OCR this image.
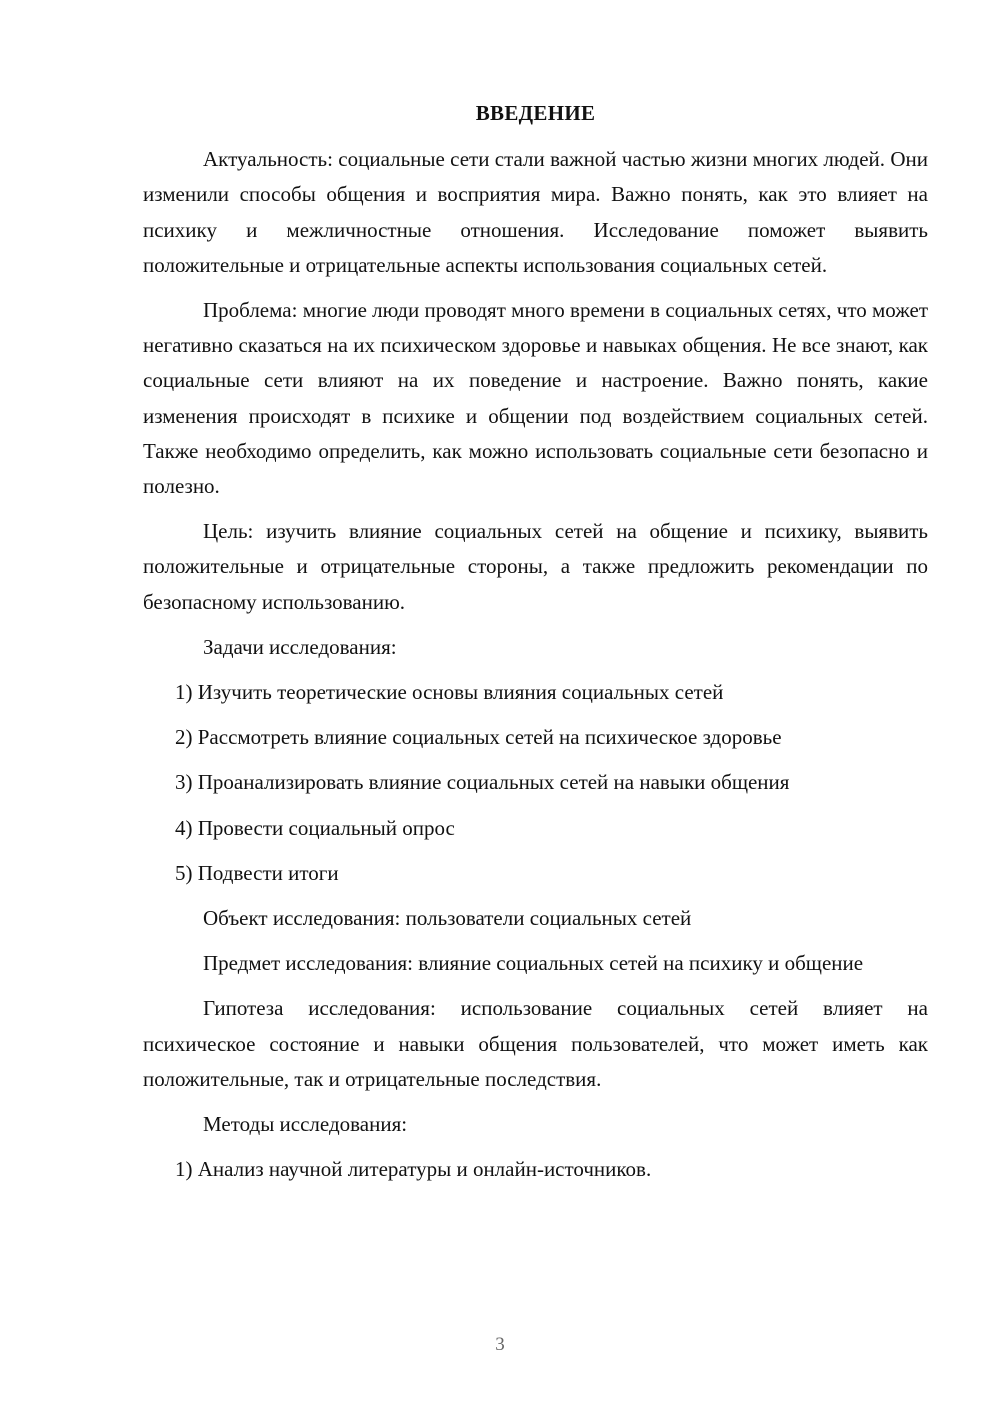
ВВЕДЕНИЕ
Актуальность: социальные сети стали важной частью жизни многих людей. Они изменили способы общения и восприятия мира. Важно понять, как это влияет на психику и межличностные отношения. Исследование поможет выявить положительные и отрицательные аспекты использования социальных сетей.
Проблема: многие люди проводят много времени в социальных сетях, что может негативно сказаться на их психическом здоровье и навыках общения. Не все знают, как социальные сети влияют на их поведение и настроение. Важно понять, какие изменения происходят в психике и общении под воздействием социальных сетей. Также необходимо определить, как можно использовать социальные сети безопасно и полезно.
Цель: изучить влияние социальных сетей на общение и психику, выявить положительные и отрицательные стороны, а также предложить рекомендации по безопасному использованию.
Задачи исследования:
1) Изучить теоретические основы влияния социальных сетей
2) Рассмотреть влияние социальных сетей на психическое здоровье
3) Проанализировать влияние социальных сетей на навыки общения
4) Провести социальный опрос
5) Подвести итоги
Объект исследования: пользователи социальных сетей
Предмет исследования: влияние социальных сетей на психику и общение
Гипотеза исследования: использование социальных сетей влияет на психическое состояние и навыки общения пользователей, что может иметь как положительные, так и отрицательные последствия.
Методы исследования:
1) Анализ научной литературы и онлайн-источников.
3
